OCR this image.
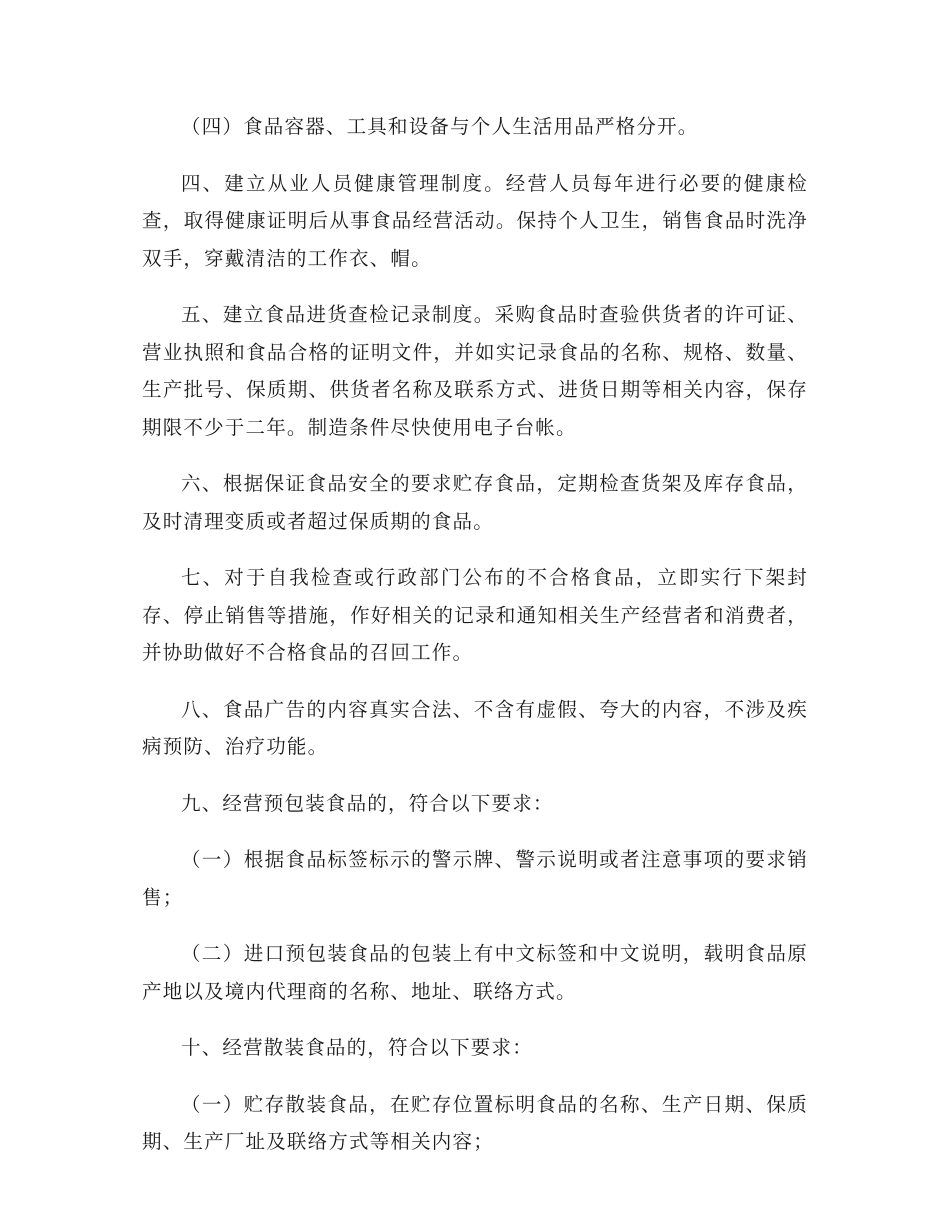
（四）食品容器、工具和设备与个人生活用品严格分开。

四、建立从业人员健康管理制度。经营人员每年进行必要的健康检查，取得健康证明后从事食品经营活动。保持个人卫生，销售食品时洗净双手，穿戴清洁的工作衣、帽。

五、建立食品进货查检记录制度。采购食品时查验供货者的许可证、营业执照和食品合格的证明文件，并如实记录食品的名称、规格、数量、生产批号、保质期、供货者名称及联系方式、进货日期等相关内容，保存期限不少于二年。制造条件尽快使用电子台帐。

六、根据保证食品安全的要求贮存食品，定期检查货架及库存食品，及时清理变质或者超过保质期的食品。

七、对于自我检查或行政部门公布的不合格食品，立即实行下架封存、停止销售等措施，作好相关的记录和通知相关生产经营者和消费者，并协助做好不合格食品的召回工作。

八、食品广告的内容真实合法、不含有虚假、夸大的内容，不涉及疾病预防、治疗功能。

九、经营预包装食品的，符合以下要求：

（一）根据食品标签标示的警示牌、警示说明或者注意事项的要求销售；

（二）进口预包装食品的包装上有中文标签和中文说明，载明食品原产地以及境内代理商的名称、地址、联络方式。

十、经营散装食品的，符合以下要求：

（一）贮存散装食品，在贮存位置标明食品的名称、生产日期、保质期、生产厂址及联络方式等相关内容；
